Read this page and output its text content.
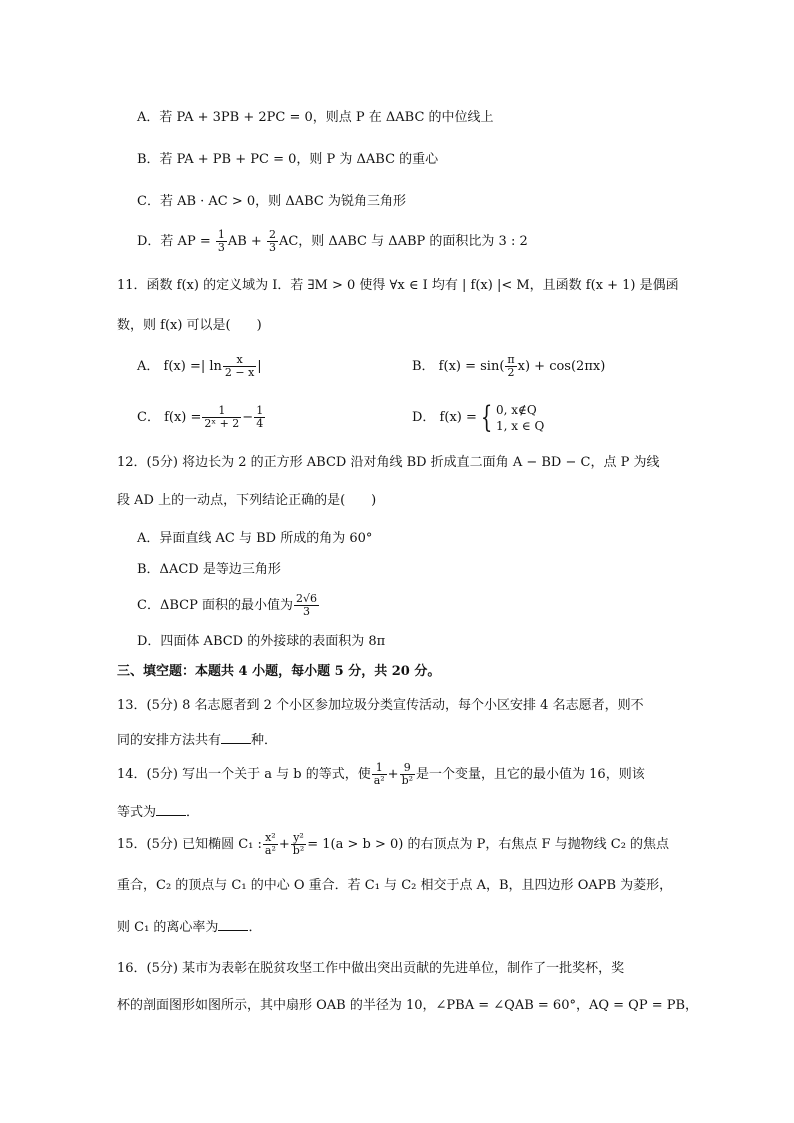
A．若 PA + 3PB + 2PC = 0，则点 P 在 ΔABC 的中位线上
B．若 PA + PB + PC = 0，则 P 为 ΔABC 的重心
C．若 AB · AC > 0，则 ΔABC 为锐角三角形
D．若 AP = $\frac{1}{3}$ AB + $\frac{2}{3}$ AC，则 ΔABC 与 ΔABP 的面积比为 3 : 2
11．函数 f(x) 的定义域为 I．若 ∃M > 0 使得 ∀x ∈ I 均有 | f(x) |< M，且函数 f(x + 1) 是偶函
数，则 f(x) 可以是(　　)
A． f(x) =| $\ln \frac{x}{2 - x}$ |	B． $f(x) = \sin( \frac{\pi}{2} x) + \cos(2\pi x)$
C． $f(x) = \frac{1}{\text{2ˣ + 2}} - \frac{1}{4}$	D． f(x) = { 0, x∉Q
1, x ∈ Q
12．(5分) 将边长为 2 的正方形 ABCD 沿对角线 BD 折成直二面角 A − BD − C，点 P 为线
段 AD 上的一动点，下列结论正确的是(　　)
A．异面直线 AC 与 BD 所成的角为 60°
B．ΔACD 是等边三角形
C．ΔBCP 面积的最小值为 $\frac{2√6}{3}$
D．四面体 ABCD 的外接球的表面积为 8π
三、填空题：本题共 4 小题，每小题 5 分，共 20 分。
13．(5分) 8 名志愿者到 2 个小区参加垃圾分类宣传活动，每个小区安排 4 名志愿者，则不
同的安排方法共有 种．
14．(5分) 写出一个关于 a 与 b 的等式，使 $\frac{1}{\text{a²}} + \frac{9}{\text{b²}}$ 是一个变量，且它的最小值为 16，则该
等式为 ．
15．(5分) 已知椭圆 C₁ : $\frac{\text{x²}}{\text{a²}} + \frac{\text{y²}}{\text{b²}} = 1(a > b > 0)$ 的右顶点为 P，右焦点 F 与抛物线 C₂ 的焦点
重合，C₂ 的顶点与 C₁ 的中心 O 重合．若 C₁ 与 C₂ 相交于点 A，B，且四边形 OAPB 为菱形，
则 C₁ 的离心率为 ．
16．(5分) 某市为表彰在脱贫攻坚工作中做出突出贡献的先进单位，制作了一批奖杯，奖
杯的剖面图形如图所示，其中扇形 OAB 的半径为 10，∠PBA = ∠QAB = 60°，AQ = QP = PB，
